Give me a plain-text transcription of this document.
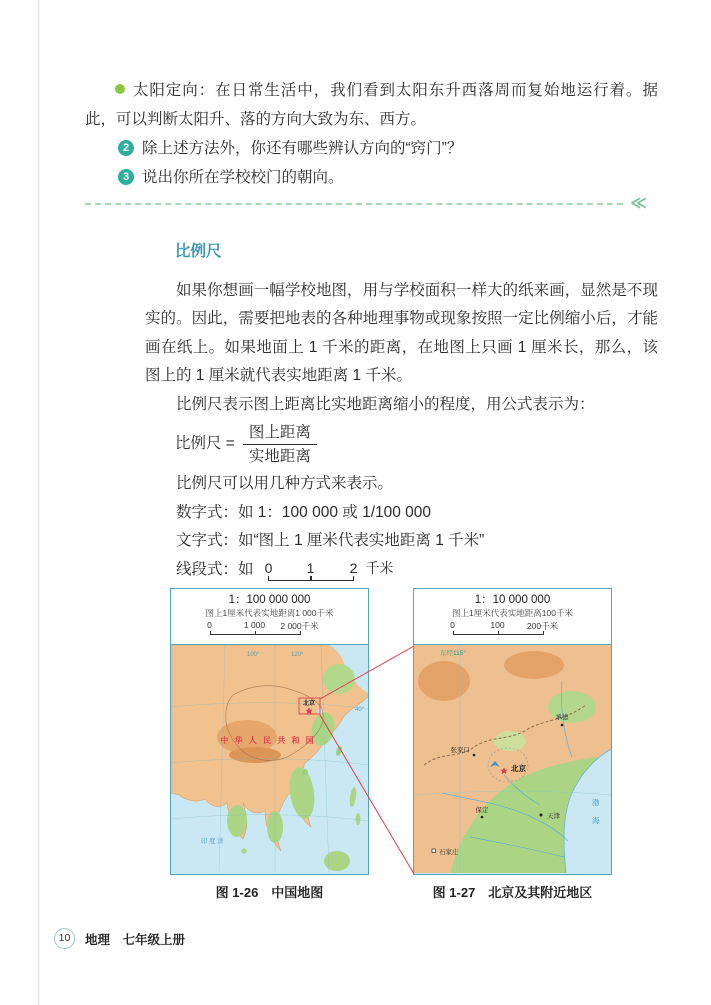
太阳定向：在日常生活中，我们看到太阳东升西落周而复始地运行着。据此，可以判断太阳升、落的方向大致为东、西方。

2 除上述方法外，你还有哪些辨认方向的“窍门”？

3 说出你所在学校校门的朝向。

≪
比例尺

如果你想画一幅学校地图，用与学校面积一样大的纸来画，显然是不现实的。因此，需要把地表的各种地理事物或现象按照一定比例缩小后，才能画在纸上。如果地面上 1 千米的距离，在地图上只画 1 厘米长，那么，该图上的 1 厘米就代表实地距离 1 千米。

比例尺表示图上距离比实地距离缩小的程度，用公式表示为：

比例尺 = $\frac{\text{图上距离}}{\text{实地距离}}$

比例尺可以用几种方式来表示。

数字式：如 1：100 000 或 1/100 000

文字式：如“图上 1 厘米代表实地距离 1 千米”

线段式：如 0 1	2 千米
1：100 000 000
图上1厘米代表实地距离1 000千米
0	1 000 2 000千米
100°	120°
40°
中 华 人 民 共 和 国
印度洋
北京
图 1-26　中国地图
1：10 000 000
图上1厘米代表实地距离100千米
0	100	200千米
东经115°
承德
张家口
北京
保定
天津
石家庄
渤
海
图 1-27　北京及其附近地区
10	地理　七年级上册
